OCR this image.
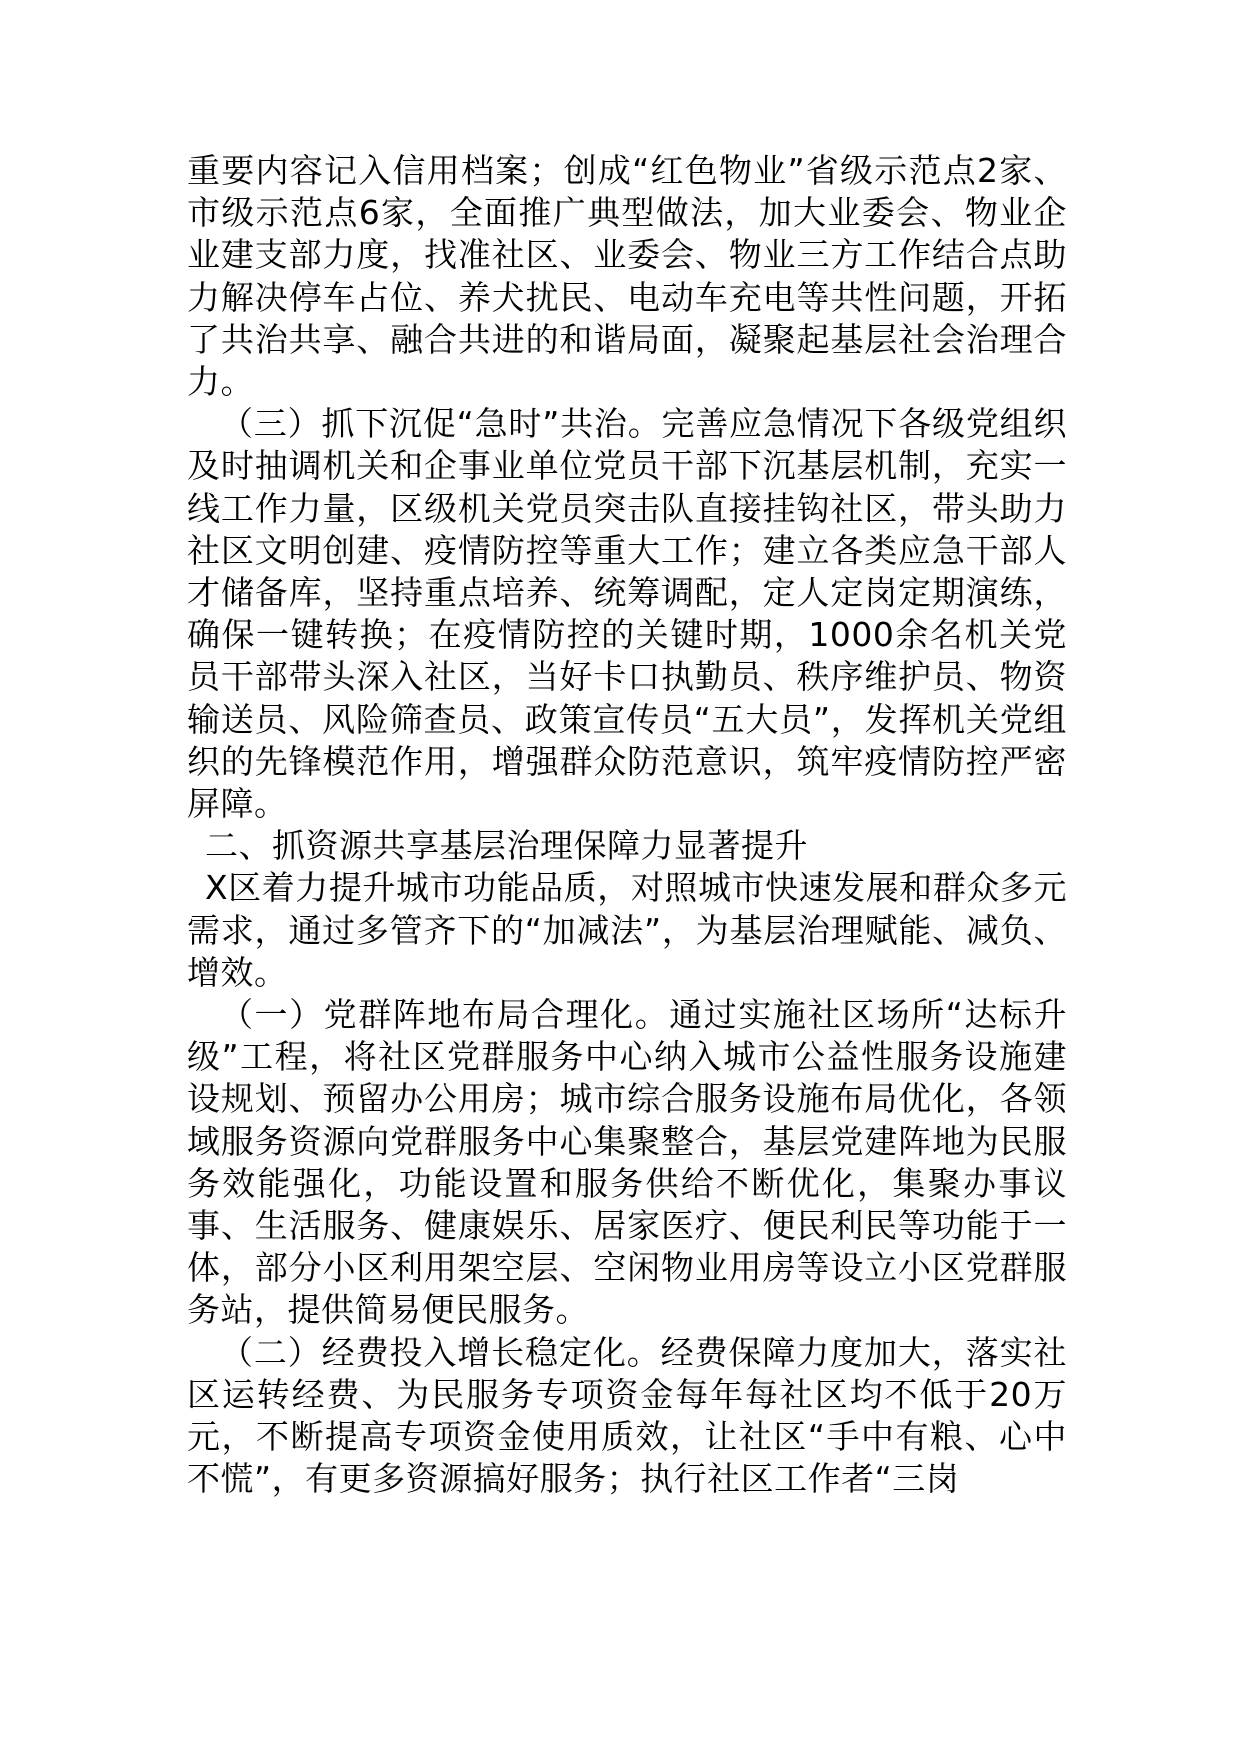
重要内容记入信用档案；创成“红色物业”省级示范点2家、市级示范点6家，全面推广典型做法，加大业委会、物业企业建支部力度，找准社区、业委会、物业三方工作结合点助力解决停车占位、养犬扰民、电动车充电等共性问题，开拓了共治共享、融合共进的和谐局面，凝聚起基层社会治理合力。

（三）抓下沉促“急时”共治。完善应急情况下各级党组织及时抽调机关和企事业单位党员干部下沉基层机制，充实一线工作力量，区级机关党员突击队直接挂钩社区，带头助力社区文明创建、疫情防控等重大工作；建立各类应急干部人才储备库，坚持重点培养、统筹调配，定人定岗定期演练，确保一键转换；在疫情防控的关键时期，1000余名机关党员干部带头深入社区，当好卡口执勤员、秩序维护员、物资输送员、风险筛查员、政策宣传员“五大员”，发挥机关党组织的先锋模范作用，增强群众防范意识，筑牢疫情防控严密屏障。

二、抓资源共享基层治理保障力显著提升

X区着力提升城市功能品质，对照城市快速发展和群众多元需求，通过多管齐下的“加减法”，为基层治理赋能、减负、增效。

（一）党群阵地布局合理化。通过实施社区场所“达标升级”工程，将社区党群服务中心纳入城市公益性服务设施建设规划、预留办公用房；城市综合服务设施布局优化，各领域服务资源向党群服务中心集聚整合，基层党建阵地为民服务效能强化，功能设置和服务供给不断优化，集聚办事议事、生活服务、健康娱乐、居家医疗、便民利民等功能于一体，部分小区利用架空层、空闲物业用房等设立小区党群服务站，提供简易便民服务。

（二）经费投入增长稳定化。经费保障力度加大，落实社区运转经费、为民服务专项资金每年每社区均不低于20万元，不断提高专项资金使用质效，让社区“手中有粮、心中不慌”，有更多资源搞好服务；执行社区工作者“三岗
